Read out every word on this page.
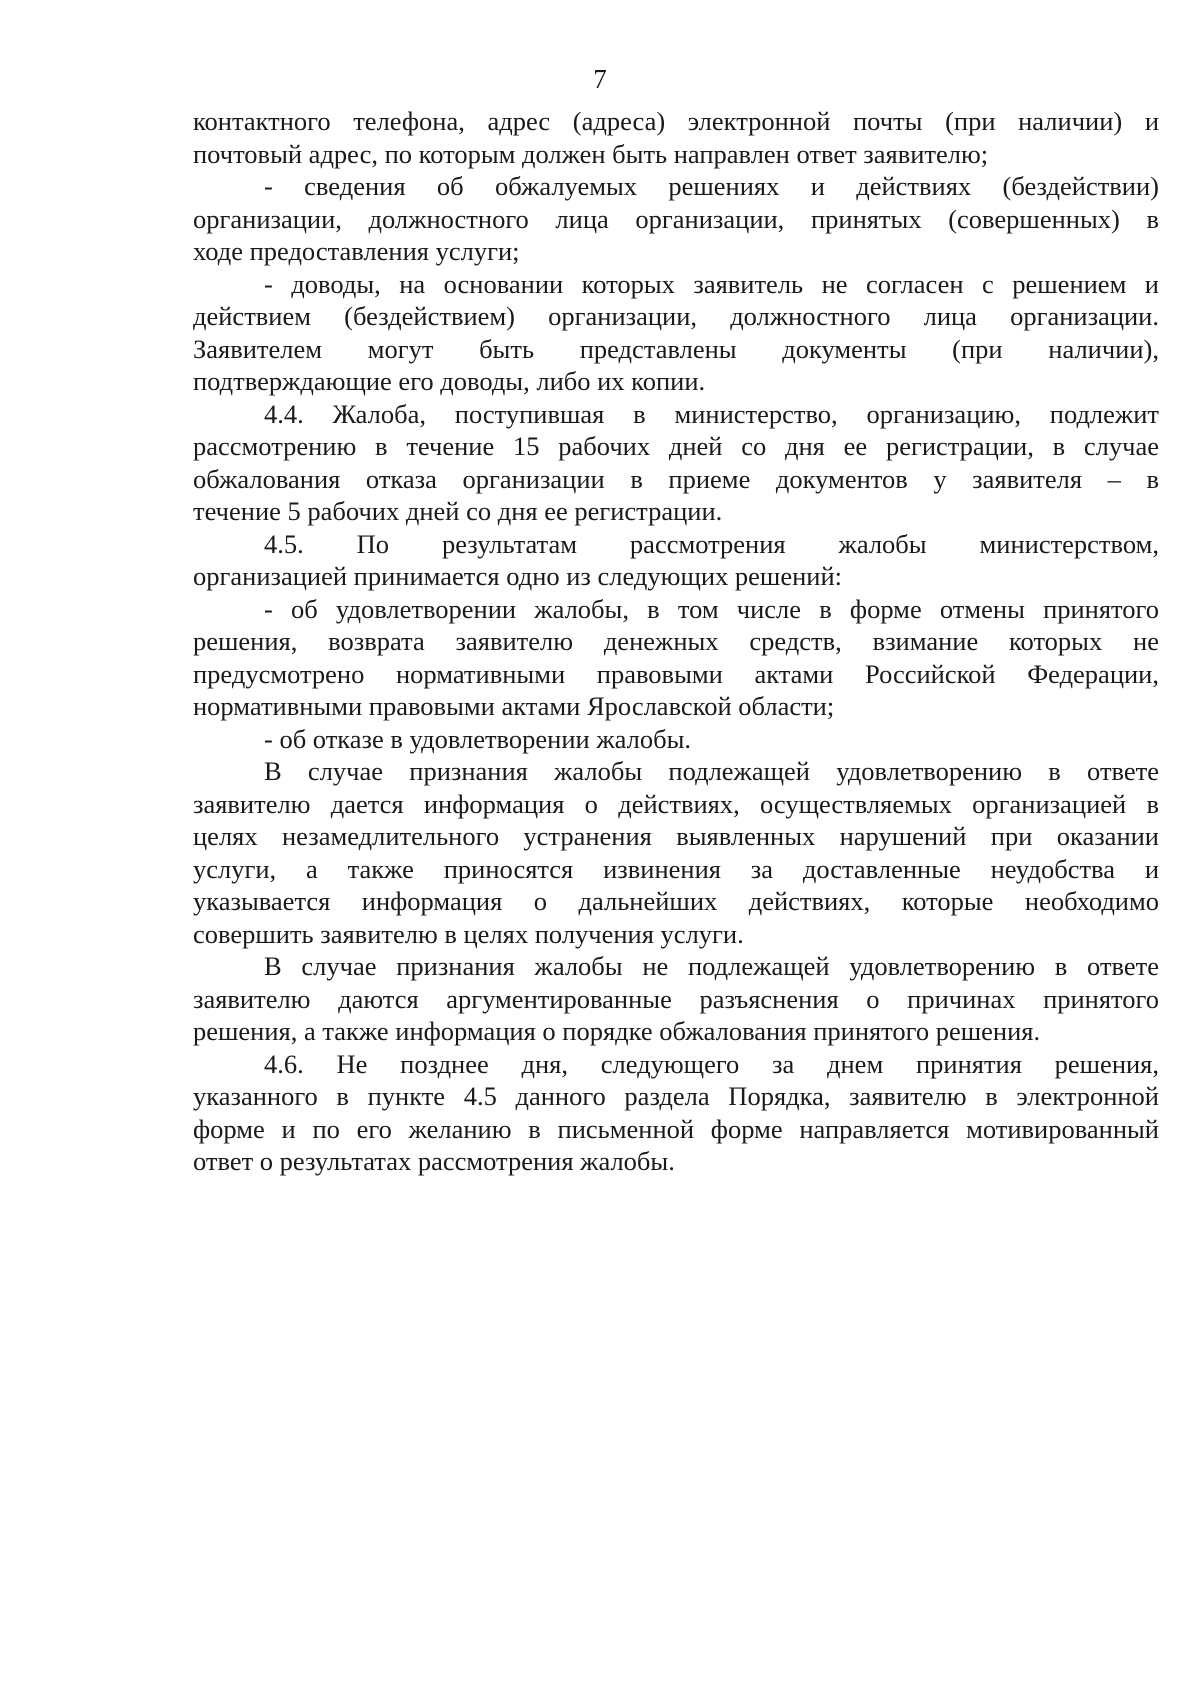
7
контактного телефона, адрес (адреса) электронной почты (при наличии) и
почтовый адрес, по которым должен быть направлен ответ заявителю;
- сведения об обжалуемых решениях и действиях (бездействии)
организации, должностного лица организации, принятых (совершенных) в
ходе предоставления услуги;
- доводы, на основании которых заявитель не согласен с решением и
действием (бездействием) организации, должностного лица организации.
Заявителем могут быть представлены документы (при наличии),
подтверждающие его доводы, либо их копии.
4.4. Жалоба, поступившая в министерство, организацию, подлежит
рассмотрению в течение 15 рабочих дней со дня ее регистрации, в случае
обжалования отказа организации в приеме документов у заявителя – в
течение 5 рабочих дней со дня ее регистрации.
4.5. По результатам рассмотрения жалобы министерством,
организацией принимается одно из следующих решений:
- об удовлетворении жалобы, в том числе в форме отмены принятого
решения, возврата заявителю денежных средств, взимание которых не
предусмотрено нормативными правовыми актами Российской Федерации,
нормативными правовыми актами Ярославской области;
- об отказе в удовлетворении жалобы.
В случае признания жалобы подлежащей удовлетворению в ответе
заявителю дается информация о действиях, осуществляемых организацией в
целях незамедлительного устранения выявленных нарушений при оказании
услуги, а также приносятся извинения за доставленные неудобства и
указывается информация о дальнейших действиях, которые необходимо
совершить заявителю в целях получения услуги.
В случае признания жалобы не подлежащей удовлетворению в ответе
заявителю даются аргументированные разъяснения о причинах принятого
решения, а также информация о порядке обжалования принятого решения.
4.6. Не позднее дня, следующего за днем принятия решения,
указанного в пункте 4.5 данного раздела Порядка, заявителю в электронной
форме и по его желанию в письменной форме направляется мотивированный
ответ о результатах рассмотрения жалобы.
